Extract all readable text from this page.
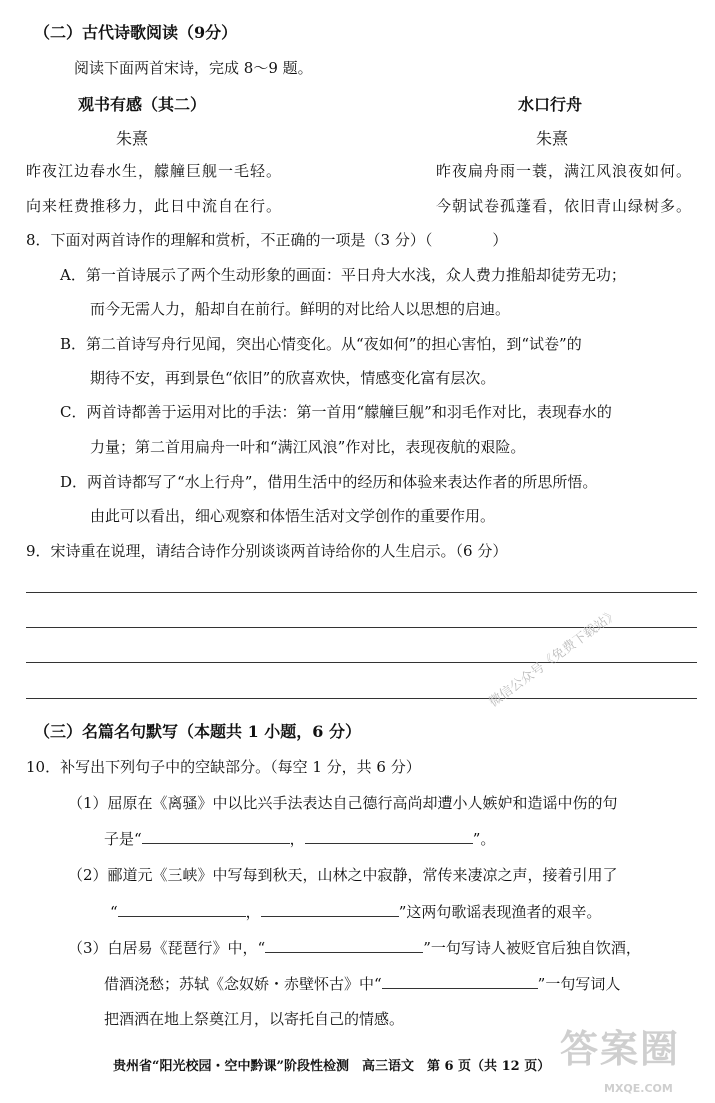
（二）古代诗歌阅读（9分）
阅读下面两首宋诗，完成 8～9 题。
观书有感（其二）	水口行舟
朱熹	朱熹
昨夜江边春水生，艨艟巨舰一毛轻。	昨夜扁舟雨一蓑，满江风浪夜如何。
向来枉费推移力，此日中流自在行。	今朝试卷孤蓬看，依旧青山绿树多。
8．下面对两首诗作的理解和赏析，不正确的一项是（3 分）（　　　　）
A．第一首诗展示了两个生动形象的画面：平日舟大水浅，众人费力推船却徒劳无功；
而今无需人力，船却自在前行。鲜明的对比给人以思想的启迪。
B．第二首诗写舟行见闻，突出心情变化。从“夜如何”的担心害怕，到“试卷”的
期待不安，再到景色“依旧”的欣喜欢快，情感变化富有层次。
C．两首诗都善于运用对比的手法：第一首用“艨艟巨舰”和羽毛作对比，表现春水的
力量；第二首用扁舟一叶和“满江风浪”作对比，表现夜航的艰险。
D．两首诗都写了“水上行舟”，借用生活中的经历和体验来表达作者的所思所悟。
由此可以看出，细心观察和体悟生活对文学创作的重要作用。
9．宋诗重在说理，请结合诗作分别谈谈两首诗给你的人生启示。（6 分）
微信公众号《免费下载站》
（三）名篇名句默写（本题共 1 小题，6 分）
10．补写出下列句子中的空缺部分。（每空 1 分，共 6 分）
（1）屈原在《离骚》中以比兴手法表达自己德行高尚却遭小人嫉妒和造谣中伤的句
子是“	，	”。
（2）郦道元《三峡》中写每到秋天，山林之中寂静，常传来凄凉之声，接着引用了
“	，	”这两句歌谣表现渔者的艰辛。
（3）白居易《琵琶行》中，“	”一句写诗人被贬官后独自饮酒，
借酒浇愁；苏轼《念奴娇・赤壁怀古》中“	”一句写词人
把酒洒在地上祭奠江月，以寄托自己的情感。
贵州省“阳光校园・空中黔课”阶段性检测　高三语文　第 6 页（共 12 页） 答案圈
MXQE.COM
